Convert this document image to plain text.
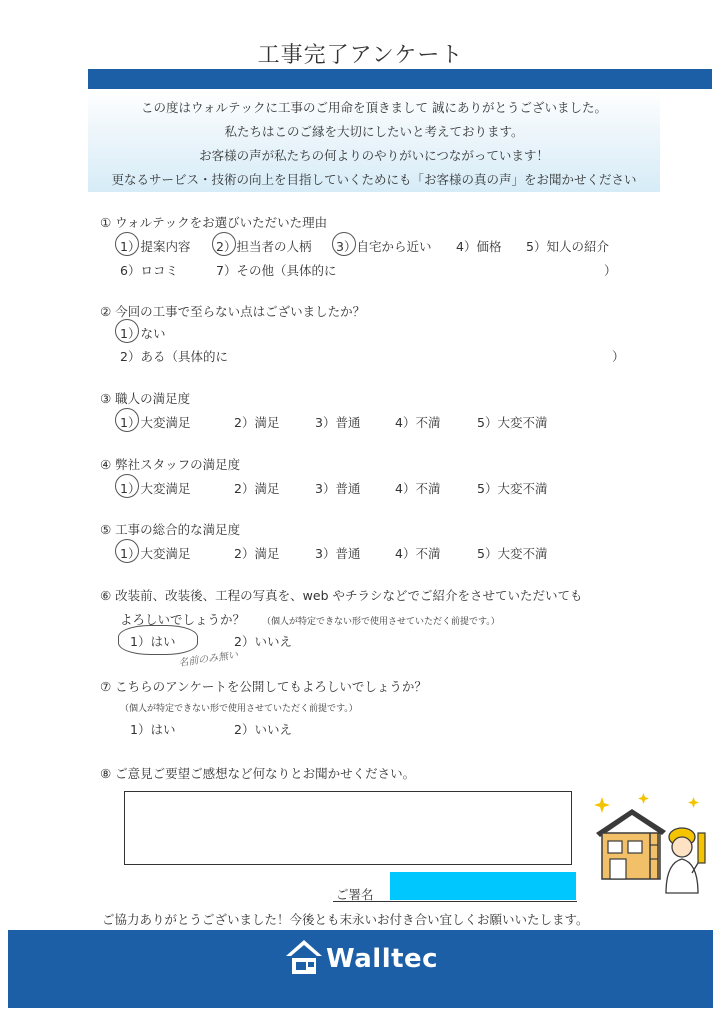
工事完了アンケート
この度はウォルテックに工事のご用命を頂きまして 誠にありがとうございました。
私たちはこのご縁を大切にしたいと考えております。
お客様の声が私たちの何よりのやりがいにつながっています！
更なるサービス・技術の向上を目指していくためにも「お客様の真の声」をお聞かせください
① ウォルテックをお選びいただいた理由
1）提案内容 2）担当者の人柄 3）自宅から近い 4）価格 5）知人の紹介
6）ロコミ	7）その他（具体的に	）
② 今回の工事で至らない点はございましたか？
1）ない
2）ある（具体的に	）
③ 職人の満足度
1）大変満足	2）満足	3）普通	4）不満	5）大変不満
④ 弊社スタッフの満足度
1）大変満足	2）満足	3）普通	4）不満	5）大変不満
⑤ 工事の総合的な満足度
1）大変満足	2）満足	3）普通	4）不満	5）大変不満
⑥ 改装前、改装後、工程の写真を、web やチラシなどでご紹介をさせていただいても
よろしいでしょうか？ （個人が特定できない形で使用させていただく前提です。）
1）はい	2）いいえ
名前のみ無い
⑦ こちらのアンケートを公開してもよろしいでしょうか？
（個人が特定できない形で使用させていただく前提です。）
1）はい	2）いいえ
⑧ ご意見ご要望ご感想など何なりとお聞かせください。
ご署名
ご協力ありがとうございました！今後とも末永いお付き合い宜しくお願いいたします。
Walltec
